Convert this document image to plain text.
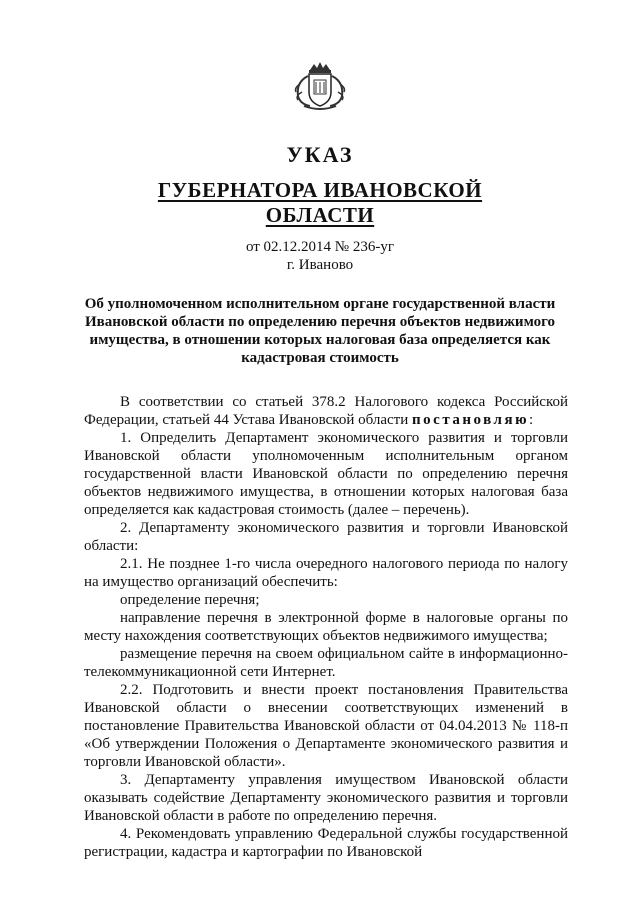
УКАЗ
ГУБЕРНАТОРА ИВАНОВСКОЙ ОБЛАСТИ
от 02.12.2014 № 236-уг
г. Иваново
Об уполномоченном исполнительном органе государственной власти Ивановской области по определению перечня объектов недвижимого имущества, в отношении которых налоговая база определяется как кадастровая стоимость

В соответствии со статьей 378.2 Налогового кодекса Российской Федерации, статьей 44 Устава Ивановской области постановляю:

1. Определить Департамент экономического развития и торговли Ивановской области уполномоченным исполнительным органом государственной власти Ивановской области по определению перечня объектов недвижимого имущества, в отношении которых налоговая база определяется как кадастровая стоимость (далее – перечень).

2. Департаменту экономического развития и торговли Ивановской области:

2.1. Не позднее 1-го числа очередного налогового периода по налогу на имущество организаций обеспечить:

определение перечня;

направление перечня в электронной форме в налоговые органы по месту нахождения соответствующих объектов недвижимого имущества;

размещение перечня на своем официальном сайте в информационно-телекоммуникационной сети Интернет.

2.2. Подготовить и внести проект постановления Правительства Ивановской области о внесении соответствующих изменений в постановление Правительства Ивановской области от 04.04.2013 № 118-п «Об утверждении Положения о Департаменте экономического развития и торговли Ивановской области».

3. Департаменту управления имуществом Ивановской области оказывать содействие Департаменту экономического развития и торговли Ивановской области в работе по определению перечня.

4. Рекомендовать управлению Федеральной службы государственной регистрации, кадастра и картографии по Ивановской
